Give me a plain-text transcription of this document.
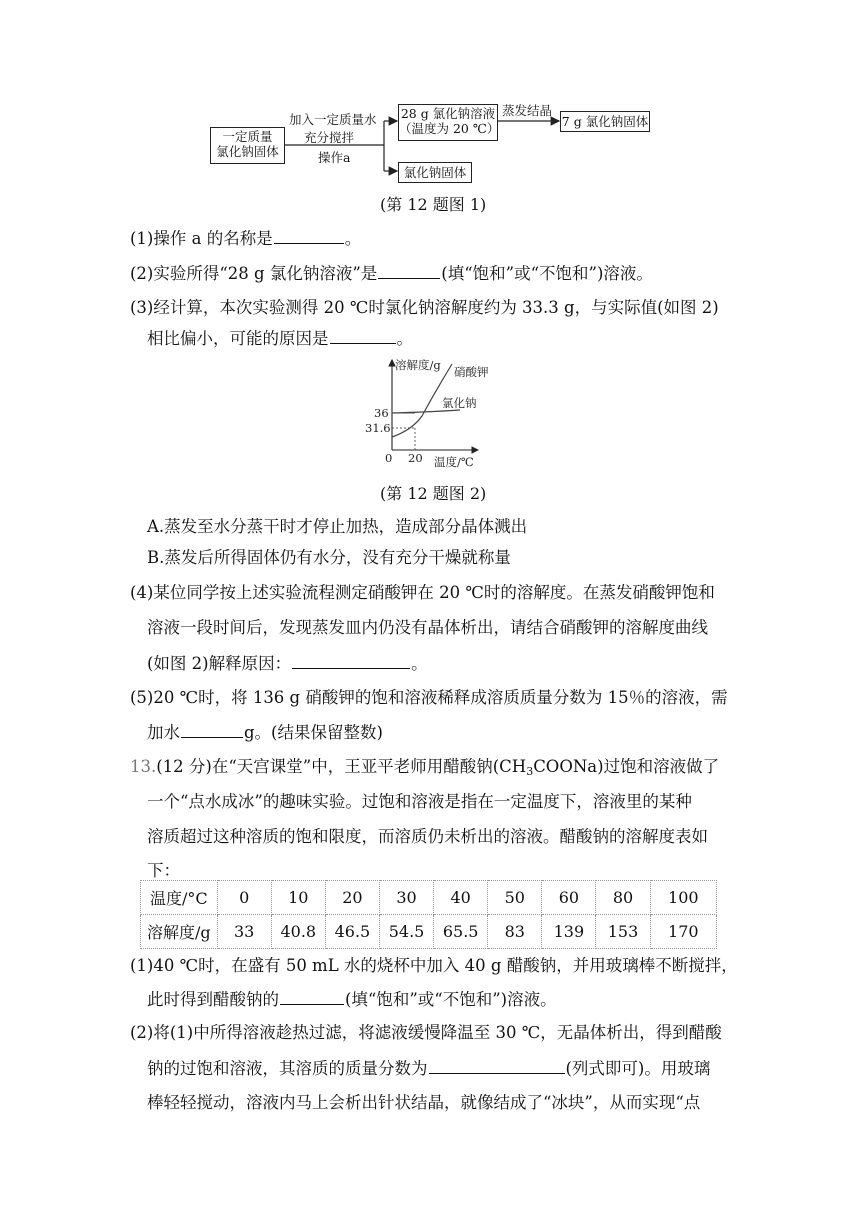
一定质量
氯化钠固体
加入一定质量水
充分搅拌
操作a
28 g 氯化钠溶液
（温度为 20 ℃）
蒸发结晶
7 g 氯化钠固体
氯化钠固体
(第 12 题图 1)
(1)操作 a 的名称是	。
(2)实验所得“28 g 氯化钠溶液”是	(填“饱和”或“不饱和”)溶液。
(3)经计算，本次实验测得 20 ℃时氯化钠溶解度约为 33.3 g，与实际值(如图 2)
相比偏小，可能的原因是	。
溶解度/g
温度/℃
0 20
36
31.6
硝酸钾
氯化钠
(第 12 题图 2)
A.蒸发至水分蒸干时才停止加热，造成部分晶体溅出
B.蒸发后所得固体仍有水分，没有充分干燥就称量
(4)某位同学按上述实验流程测定硝酸钾在 20 ℃时的溶解度。在蒸发硝酸钾饱和
溶液一段时间后，发现蒸发皿内仍没有晶体析出，请结合硝酸钾的溶解度曲线
(如图 2)解释原因：	。
(5)20 ℃时，将 136 g 硝酸钾的饱和溶液稀释成溶质质量分数为 15％的溶液，需
加水	g。(结果保留整数)
13.(12 分)在“天宫课堂”中，王亚平老师用醋酸钠$(CH_3COONa)$过饱和溶液做了
一个“点水成冰”的趣味实验。过饱和溶液是指在一定温度下，溶液里的某种
溶质超过这种溶质的饱和限度，而溶质仍未析出的溶液。醋酸钠的溶解度表如
下：
温度/°C	0	10	20	30	40	50	60	80	100
溶解度/g	33	40.8	46.5	54.5	65.5	83	139	153	170
(1)40 ℃时，在盛有 50 mL 水的烧杯中加入 40 g 醋酸钠，并用玻璃棒不断搅拌，
此时得到醋酸钠的	(填“饱和”或“不饱和”)溶液。
(2)将(1)中所得溶液趁热过滤，将滤液缓慢降温至 30 ℃，无晶体析出，得到醋酸
钠的过饱和溶液，其溶质的质量分数为	(列式即可)。用玻璃
棒轻轻搅动，溶液内马上会析出针状结晶，就像结成了“冰块”，从而实现“点
